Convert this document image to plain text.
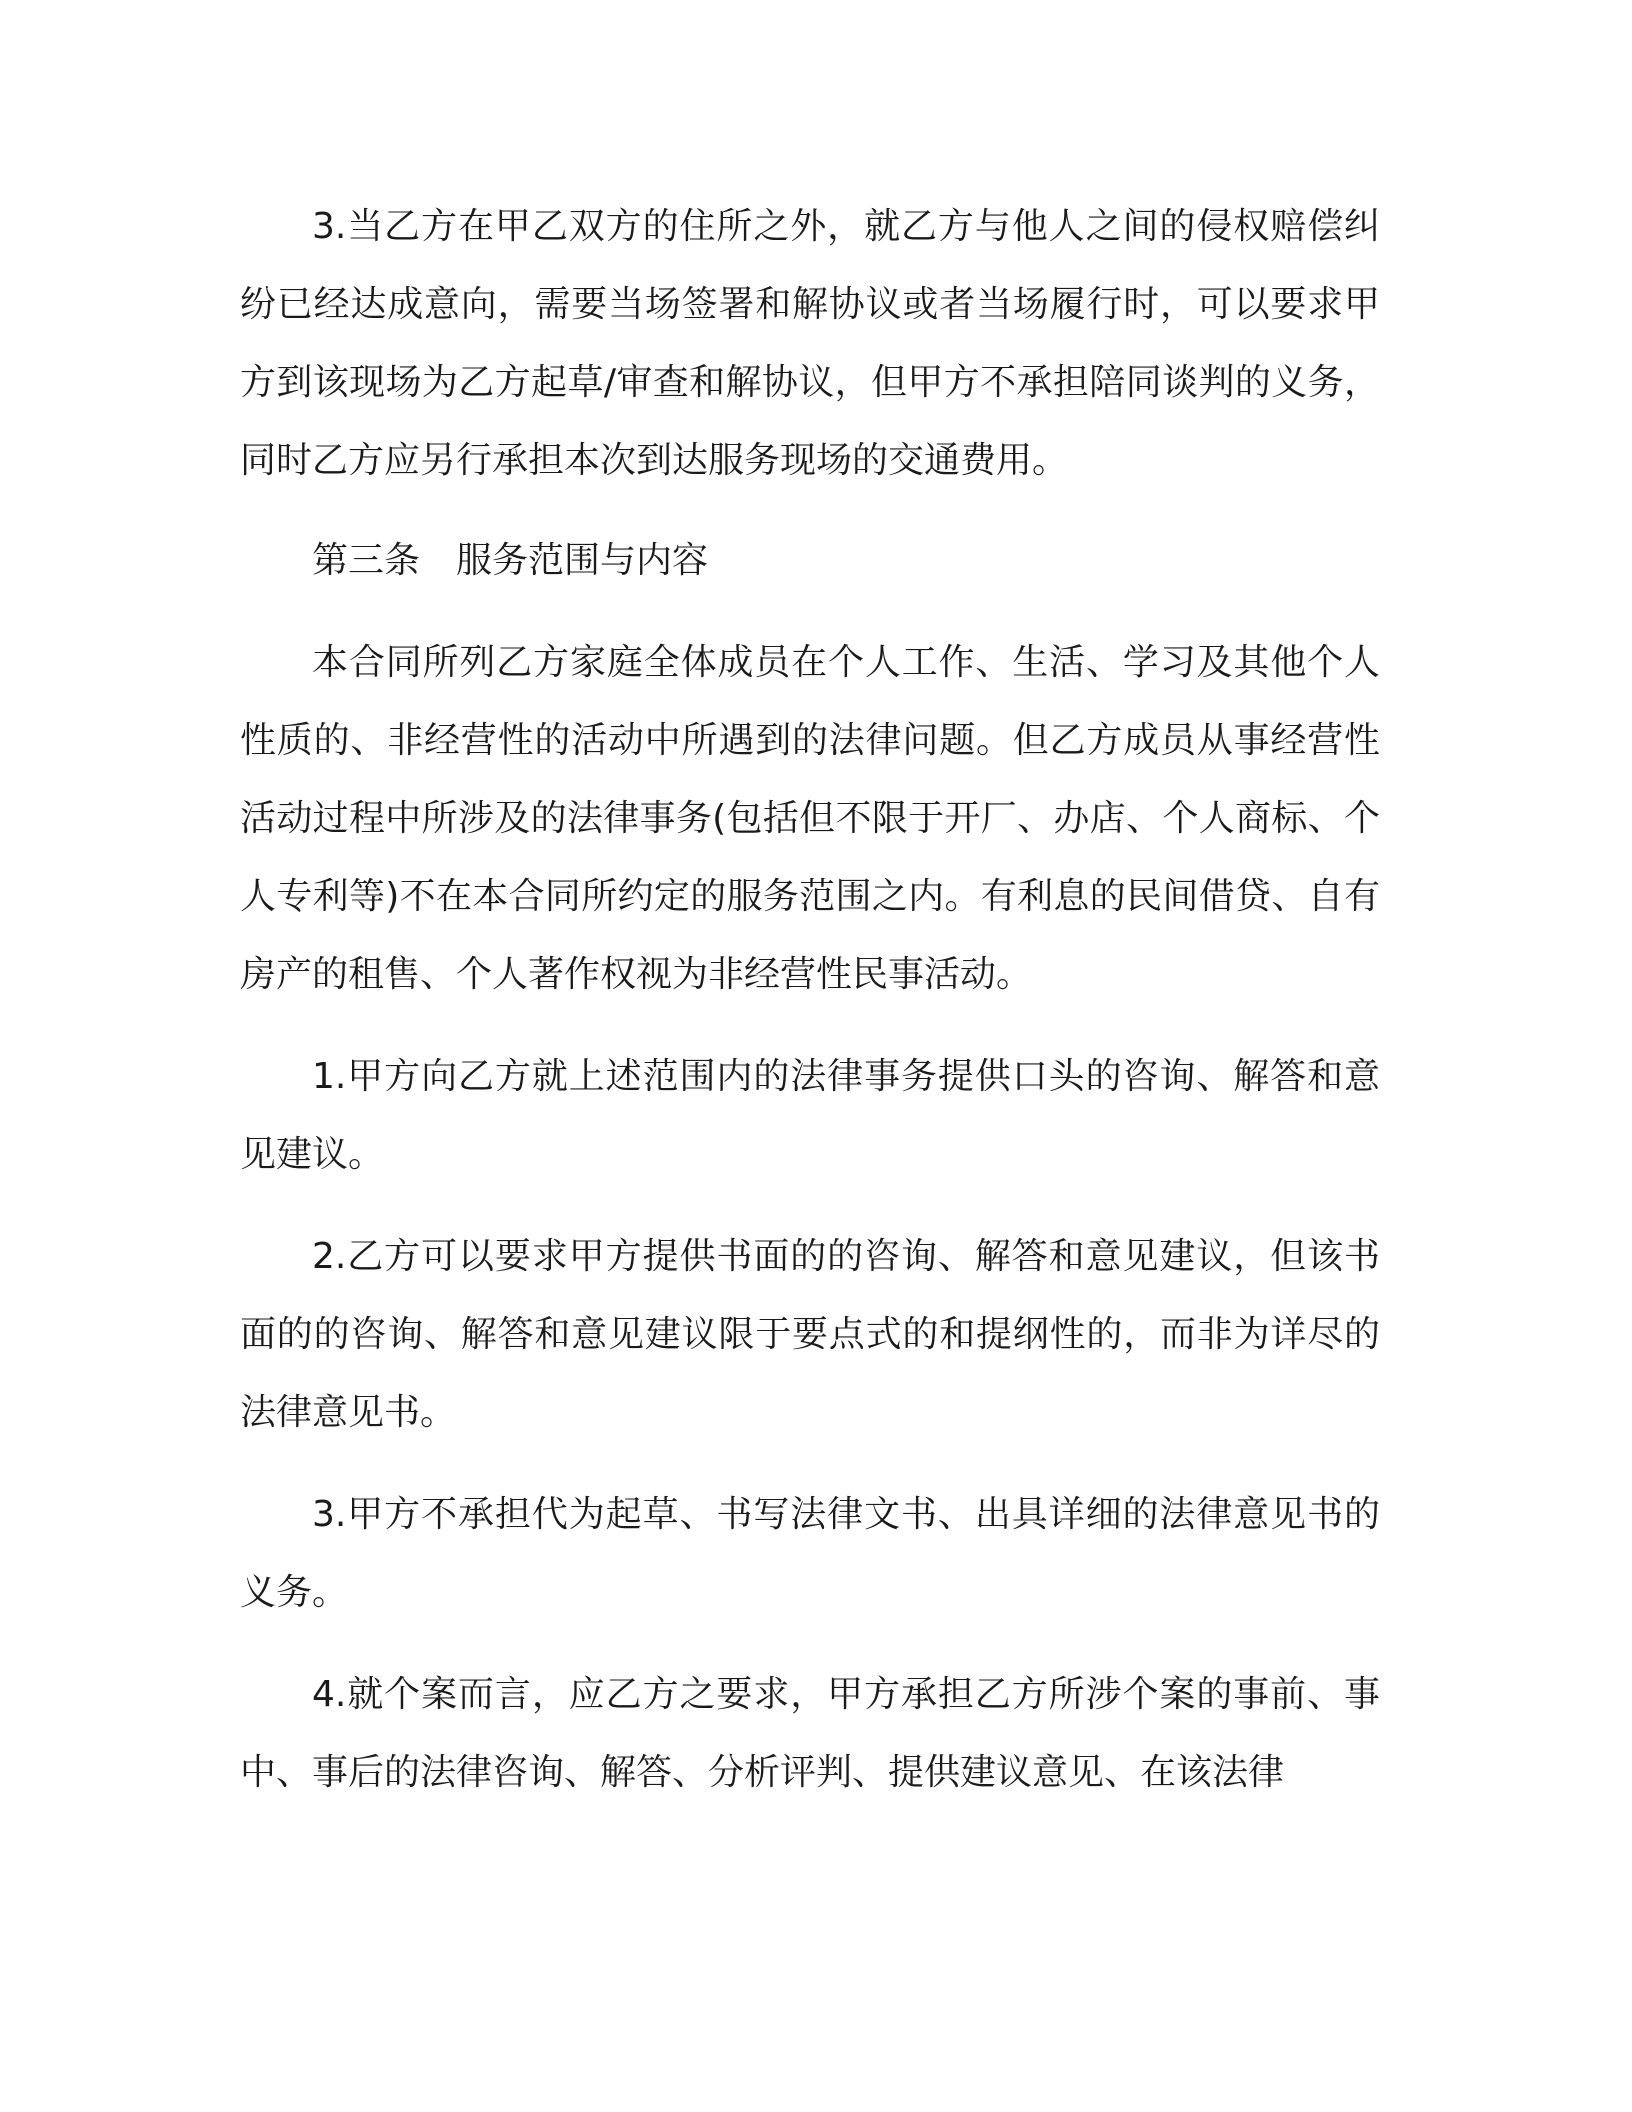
3.当乙方在甲乙双方的住所之外，就乙方与他人之间的侵权赔偿纠纷已经达成意向，需要当场签署和解协议或者当场履行时，可以要求甲方到该现场为乙方起草/审查和解协议，但甲方不承担陪同谈判的义务，同时乙方应另行承担本次到达服务现场的交通费用。

第三条　服务范围与内容

本合同所列乙方家庭全体成员在个人工作、生活、学习及其他个人性质的、非经营性的活动中所遇到的法律问题。但乙方成员从事经营性活动过程中所涉及的法律事务(包括但不限于开厂、办店、个人商标、个人专利等)不在本合同所约定的服务范围之内。有利息的民间借贷、自有房产的租售、个人著作权视为非经营性民事活动。

1.甲方向乙方就上述范围内的法律事务提供口头的咨询、解答和意见建议。

2.乙方可以要求甲方提供书面的的咨询、解答和意见建议，但该书面的的咨询、解答和意见建议限于要点式的和提纲性的，而非为详尽的法律意见书。

3.甲方不承担代为起草、书写法律文书、出具详细的法律意见书的义务。

4.就个案而言，应乙方之要求，甲方承担乙方所涉个案的事前、事中、事后的法律咨询、解答、分析评判、提供建议意见、在该法律
